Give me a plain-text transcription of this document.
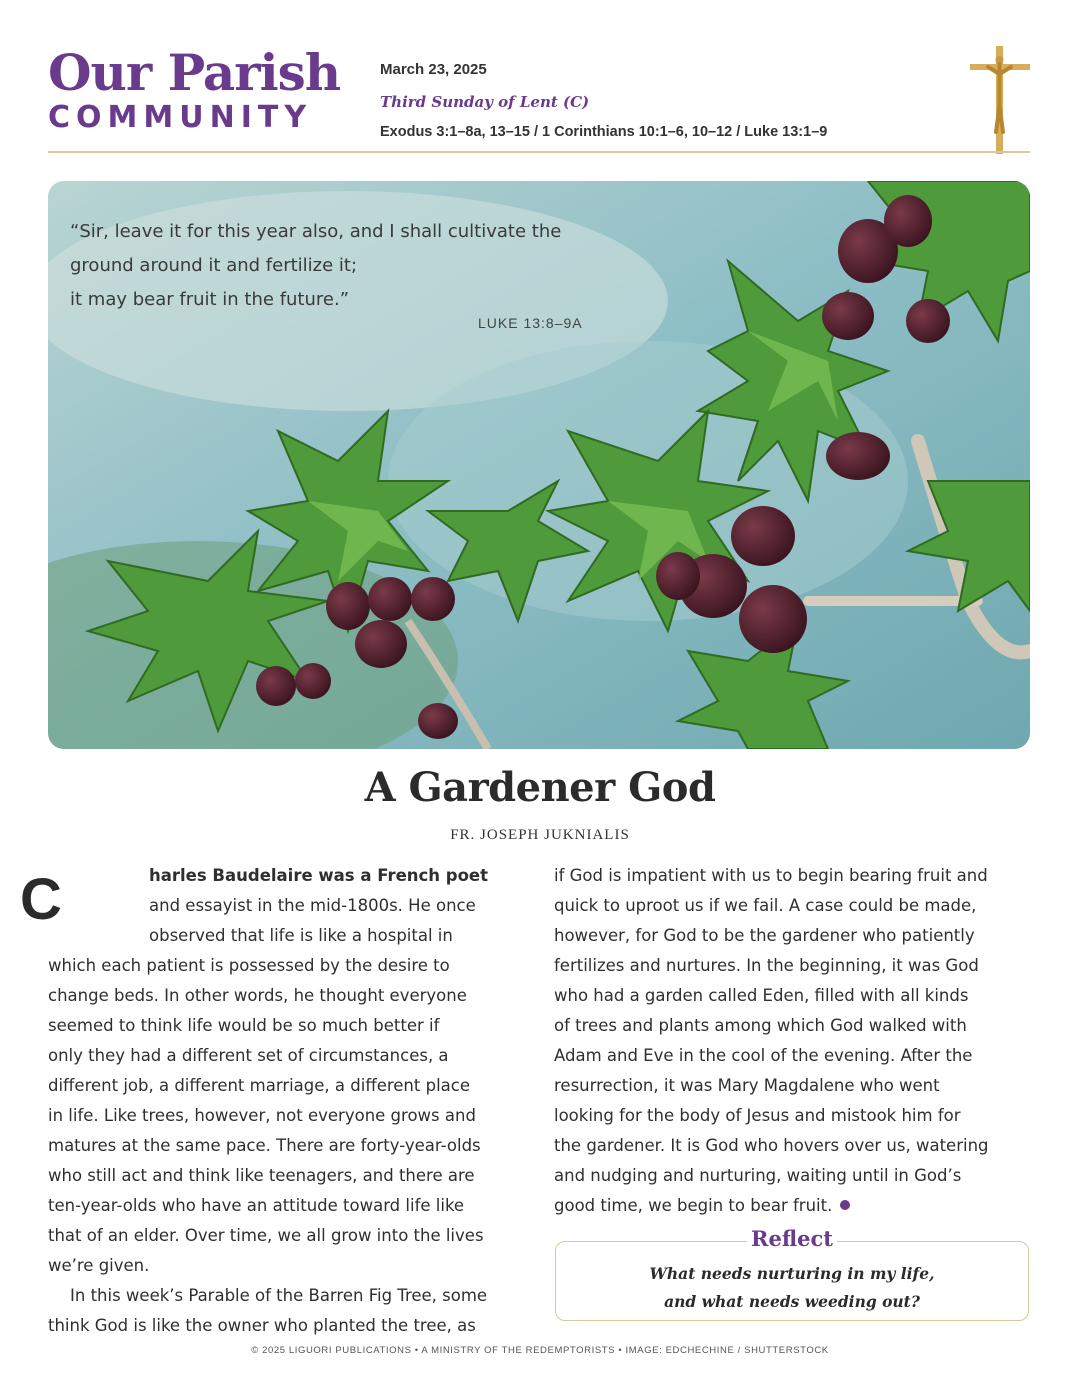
Our Parish
COMMUNITY
March 23, 2025
Third Sunday of Lent (C)
Exodus 3:1–8a, 13–15 / 1 Corinthians 10:1–6, 10–12 / Luke 13:1–9

“Sir, leave it for this year also, and I shall cultivate the

ground around it and fertilize it;

it may bear fruit in the future.”

LUKE 13:8–9A
A Gardener God
FR. JOSEPH JUKNIALIS
C	harles Baudelaire was a French poet

and essayist in the mid-1800s. He once

observed that life is like a hospital in

which each patient is possessed by the desire to

change beds. In other words, he thought everyone

seemed to think life would be so much better if

only they had a different set of circumstances, a

different job, a different marriage, a different place

in life. Like trees, however, not everyone grows and

matures at the same pace. There are forty-year-olds

who still act and think like teenagers, and there are

ten-year-olds who have an attitude toward life like

that of an elder. Over time, we all grow into the lives

we’re given.

In this week’s Parable of the Barren Fig Tree, some

think God is like the owner who planted the tree, as

if God is impatient with us to begin bearing fruit and

quick to uproot us if we fail. A case could be made,

however, for God to be the gardener who patiently

fertilizes and nurtures. In the beginning, it was God

who had a garden called Eden, filled with all kinds

of trees and plants among which God walked with

Adam and Eve in the cool of the evening. After the

resurrection, it was Mary Magdalene who went

looking for the body of Jesus and mistook him for

the gardener. It is God who hovers over us, watering

and nudging and nurturing, waiting until in God’s

good time, we begin to bear fruit.

Reflect
What needs nurturing in my life,
and what needs weeding out?
© 2025 LIGUORI PUBLICATIONS • A MINISTRY OF THE REDEMPTORISTS • IMAGE: EDCHECHINE / SHUTTERSTOCK
